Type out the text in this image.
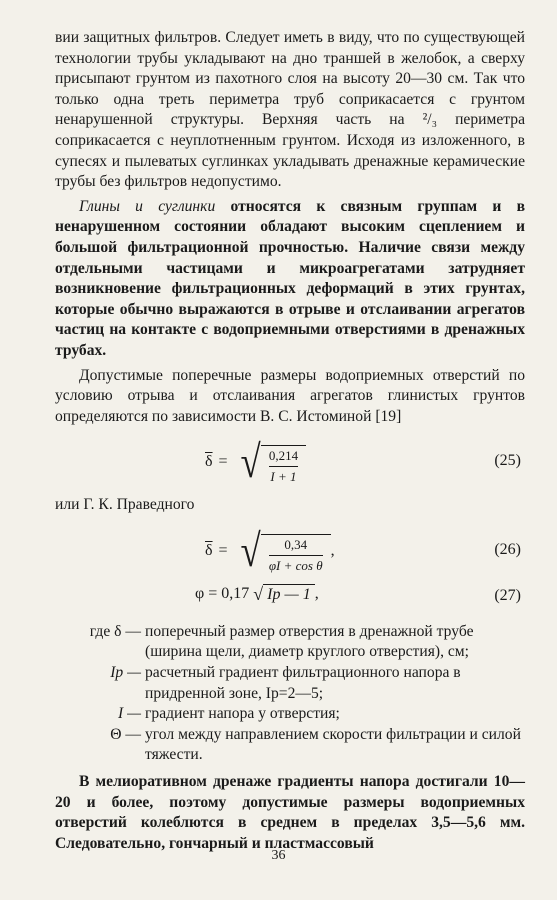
вии защитных фильтров. Следует иметь в виду, что по существующей технологии трубы укладывают на дно траншей в желобок, а сверху присыпают грунтом из пахотного слоя на высоту 20—30 см. Так что только одна треть периметра труб соприкасается с грунтом ненарушенной структуры. Верхняя часть на ²/₃ периметра соприкасается с неуплотненным грунтом. Исходя из изложенного, в супесях и пылеватых суглинках укладывать дренажные керамические трубы без фильтров недопустимо.

Глины и суглинки относятся к связным группам и в ненарушенном состоянии обладают высоким сцеплением и большой фильтрационной прочностью. Наличие связи между отдельными частицами и микроагрегатами затрудняет возникновение фильтрационных деформаций в этих грунтах, которые обычно выражаются в отрыве и отслаивании агрегатов частиц на контакте с водоприемными отверстиями в дренажных трубах.

Допустимые поперечные размеры водоприемных отверстий по условию отрыва и отслаивания агрегатов глинистых грунтов определяются по зависимости В. С. Истоминой [19]

$\overline{\delta}$ = √ 0,214
I + 1
(25)

или Г. К. Праведного

$\overline{\delta}$ = √ 0,34
φI + cos θ
,	(26)
φ = 0,17 √ Iр — 1 ,	(27)
где δ — поперечный размер отверстия в дренажной трубе (ширина щели, диаметр круглого отверстия), см;
Iр — расчетный градиент фильтрационного напора в придренной зоне, Iр=2—5;
I — градиент напора у отверстия;
Θ — угол между направлением скорости фильтрации и силой тяжести.

В мелиоративном дренаже градиенты напора достигали 10—20 и более, поэтому допустимые размеры водоприемных отверстий колеблются в среднем в пределах 3,5—5,6 мм. Следовательно, гончарный и пластмассовый

36
